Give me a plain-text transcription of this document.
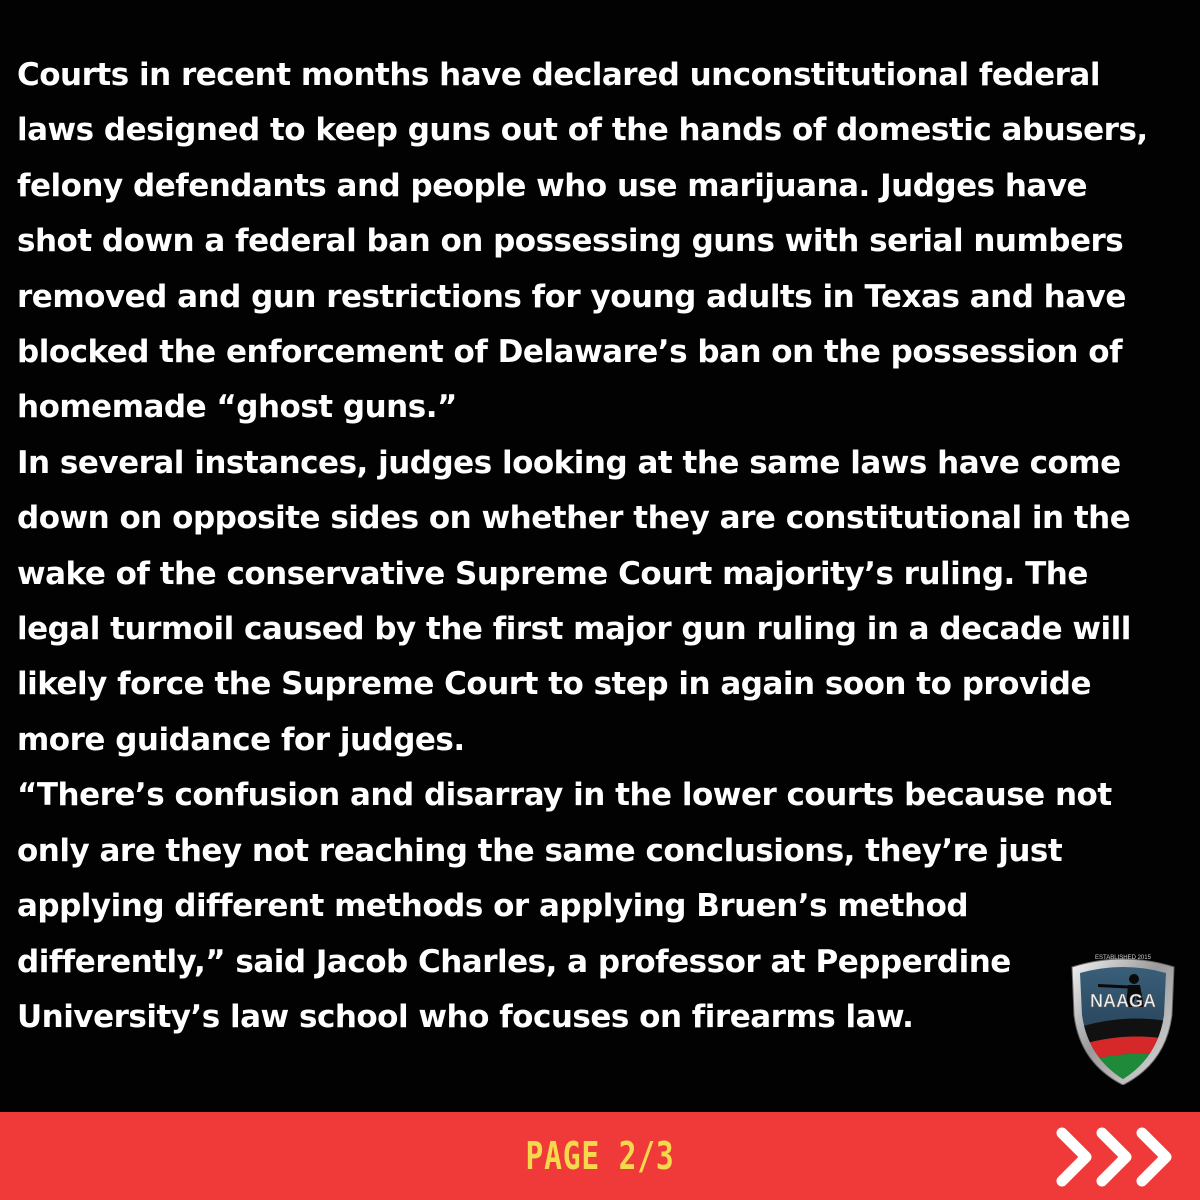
Courts in recent months have declared unconstitutional federal
laws designed to keep guns out of the hands of domestic abusers,
felony defendants and people who use marijuana. Judges have
shot down a federal ban on possessing guns with serial numbers
removed and gun restrictions for young adults in Texas and have
blocked the enforcement of Delaware’s ban on the possession of
homemade “ghost guns.”
In several instances, judges looking at the same laws have come
down on opposite sides on whether they are constitutional in the
wake of the conservative Supreme Court majority’s ruling. The
legal turmoil caused by the first major gun ruling in a decade will
likely force the Supreme Court to step in again soon to provide
more guidance for judges.
“There’s confusion and disarray in the lower courts because not
only are they not reaching the same conclusions, they’re just
applying different methods or applying Bruen’s method
differently,” said Jacob Charles, a professor at Pepperdine
University’s law school who focuses on firearms law.	NAAGA
ESTABLISHED 2015
PAGE 2/3
